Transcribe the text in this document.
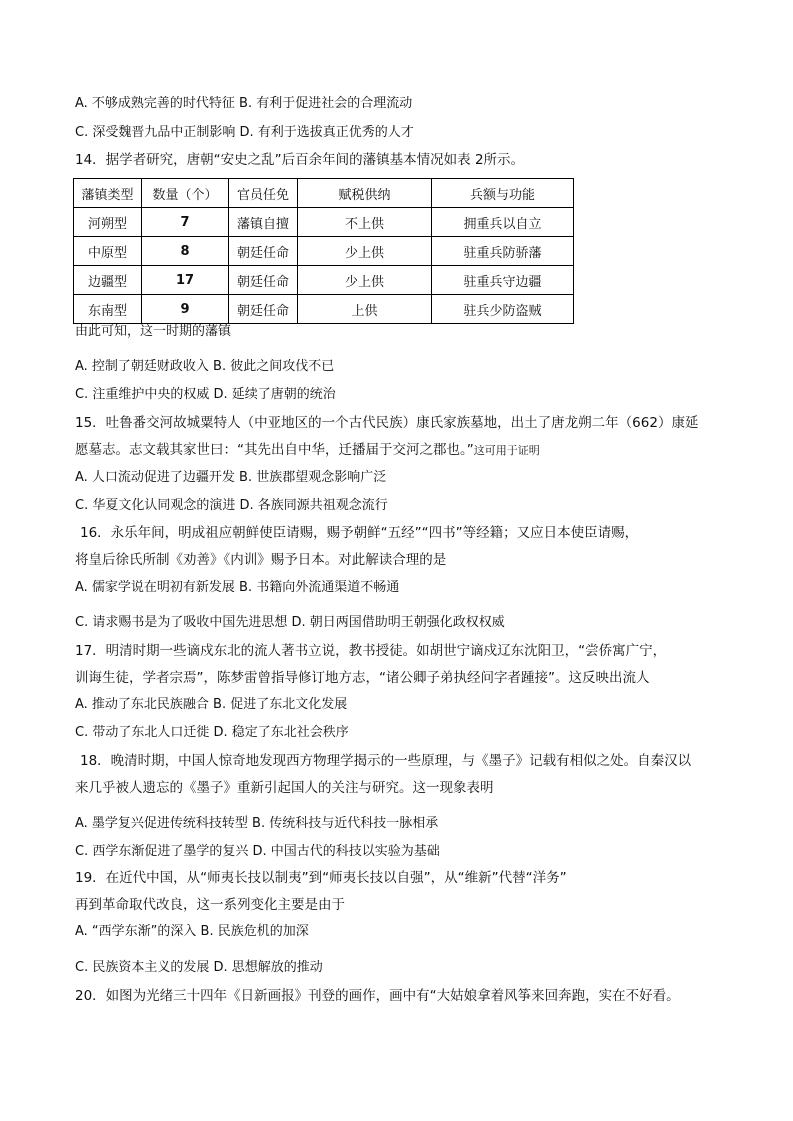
A. 不够成熟完善的时代特征 B. 有利于促进社会的合理流动
C. 深受魏晋九品中正制影响 D. 有利于选拔真正优秀的人才
14．据学者研究，唐朝“安史之乱”后百余年间的藩镇基本情况如表 2所示。
藩镇类型	数量（个）	官员任免	赋税供纳	兵额与功能
河朔型	7	藩镇自擅	不上供	拥重兵以自立
中原型	8	朝廷任命	少上供	驻重兵防骄藩
边疆型	17	朝廷任命	少上供	驻重兵守边疆
东南型	9	朝廷任命	上供	驻兵少防盗贼
由此可知，这一时期的藩镇
A. 控制了朝廷财政收入 B. 彼此之间攻伐不已
C. 注重维护中央的权威 D. 延续了唐朝的统治
15．吐鲁番交河故城粟特人（中亚地区的一个古代民族）康氏家族墓地，出土了唐龙朔二年（662）康延
愿墓志。志文载其家世曰：“其先出自中华，迁播届于交河之郡也。”这可用于证明
A. 人口流动促进了边疆开发 B. 世族郡望观念影响广泛
C. 华夏文化认同观念的演进 D. 各族同源共祖观念流行
16．永乐年间，明成祖应朝鲜使臣请赐，赐予朝鲜“五经”“四书”等经籍；又应日本使臣请赐，
将皇后徐氏所制《劝善》《内训》赐予日本。对此解读合理的是
A. 儒家学说在明初有新发展 B. 书籍向外流通渠道不畅通
C. 请求赐书是为了吸收中国先进思想 D. 朝日两国借助明王朝强化政权权威
17．明清时期一些谪戍东北的流人著书立说，教书授徒。如胡世宁谪戍辽东沈阳卫，“尝侨寓广宁，
训诲生徒，学者宗焉”，陈梦雷曾指导修订地方志，“诸公卿子弟执经问字者踵接”。这反映出流人
A. 推动了东北民族融合 B. 促进了东北文化发展
C. 带动了东北人口迁徙 D. 稳定了东北社会秩序
18．晚清时期，中国人惊奇地发现西方物理学揭示的一些原理，与《墨子》记载有相似之处。自秦汉以
来几乎被人遗忘的《墨子》重新引起国人的关注与研究。这一现象表明
A. 墨学复兴促进传统科技转型 B. 传统科技与近代科技一脉相承
C. 西学东渐促进了墨学的复兴 D. 中国古代的科技以实验为基础
19．在近代中国，从“师夷长技以制夷”到“师夷长技以自强”，从“维新”代替“洋务”
再到革命取代改良，这一系列变化主要是由于
A. “西学东渐”的深入 B. 民族危机的加深
C. 民族资本主义的发展 D. 思想解放的推动
20．如图为光绪三十四年《日新画报》刊登的画作，画中有“大姑娘拿着风筝来回奔跑，实在不好看。
